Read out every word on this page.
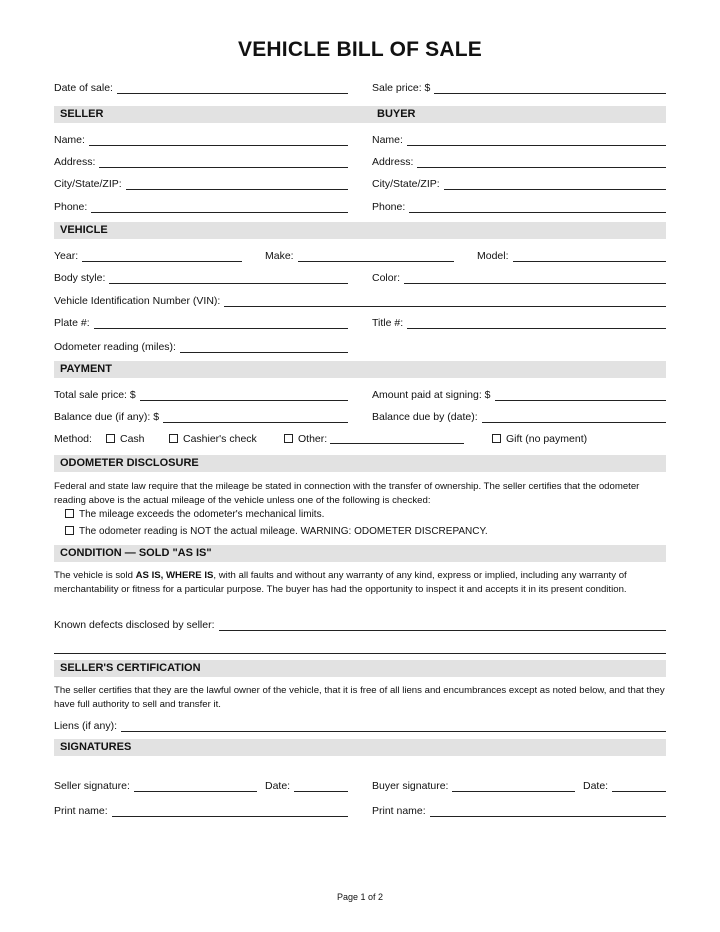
VEHICLE BILL OF SALE
Date of sale:	Sale price: $
SELLER	BUYER
Name:	Name:
Address:	Address:
City/State/ZIP:	City/State/ZIP:
Phone:	Phone:
VEHICLE
Year:	Make:	Model:
Body style:	Color:
Vehicle Identification Number (VIN):
Plate #:	Title #:
Odometer reading (miles):
PAYMENT
Total sale price: $	Amount paid at signing: $
Balance due (if any): $	Balance due by (date):
Method:	Cash	Cashier's check	Other:	Gift (no payment)
ODOMETER DISCLOSURE
Federal and state law require that the mileage be stated in connection with the transfer of ownership. The seller certifies that the odometer reading above is the actual mileage of the vehicle unless one of the following is checked:
The mileage exceeds the odometer's mechanical limits.
The odometer reading is NOT the actual mileage. WARNING: ODOMETER DISCREPANCY.
CONDITION — SOLD "AS IS"
The vehicle is sold AS IS, WHERE IS, with all faults and without any warranty of any kind, express or implied, including any warranty of merchantability or fitness for a particular purpose. The buyer has had the opportunity to inspect it and accepts it in its present condition.
Known defects disclosed by seller:
SELLER'S CERTIFICATION
The seller certifies that they are the lawful owner of the vehicle, that it is free of all liens and encumbrances except as noted below, and that they have full authority to sell and transfer it.
Liens (if any):
SIGNATURES
Seller signature:	Date:	Buyer signature:	Date:
Print name:	Print name:
Page 1 of 2
